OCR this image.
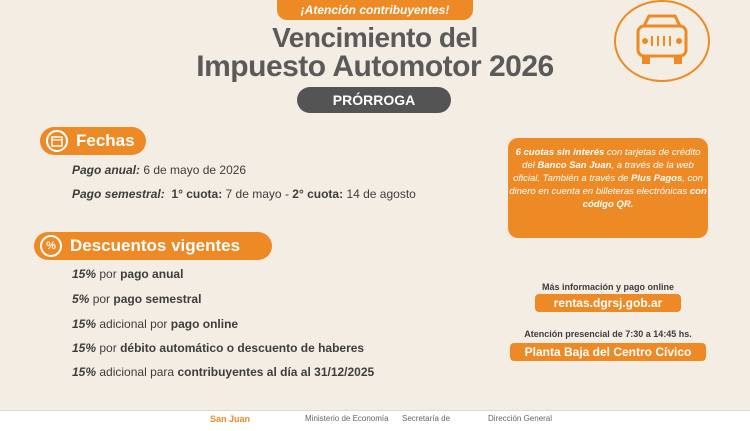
¡Atención contribuyentes!
Vencimiento del
Impuesto Automotor 2026
PRÓRROGA
Fechas
Pago anual: 6 de mayo de 2026
Pago semestral: 1° cuota: 7 de mayo - 2° cuota: 14 de agosto
% Descuentos vigentes
15% por pago anual
5% por pago semestral
15% adicional por pago online
15% por débito automático o descuento de haberes
15% adicional para contribuyentes al día al 31/12/2025
6 cuotas sin interés con tarjetas de crédito del Banco San Juan, a través de la web oficial. También a través de Plus Pagos, con dinero en cuenta en billeteras electrónicas con código QR.
Más información y pago online
rentas.dgrsj.gob.ar
Atención presencial de 7:30 a 14:45 hs.
Planta Baja del Centro Cívico
San Juan	Ministerio de Economía Secretaría de	Dirección General
